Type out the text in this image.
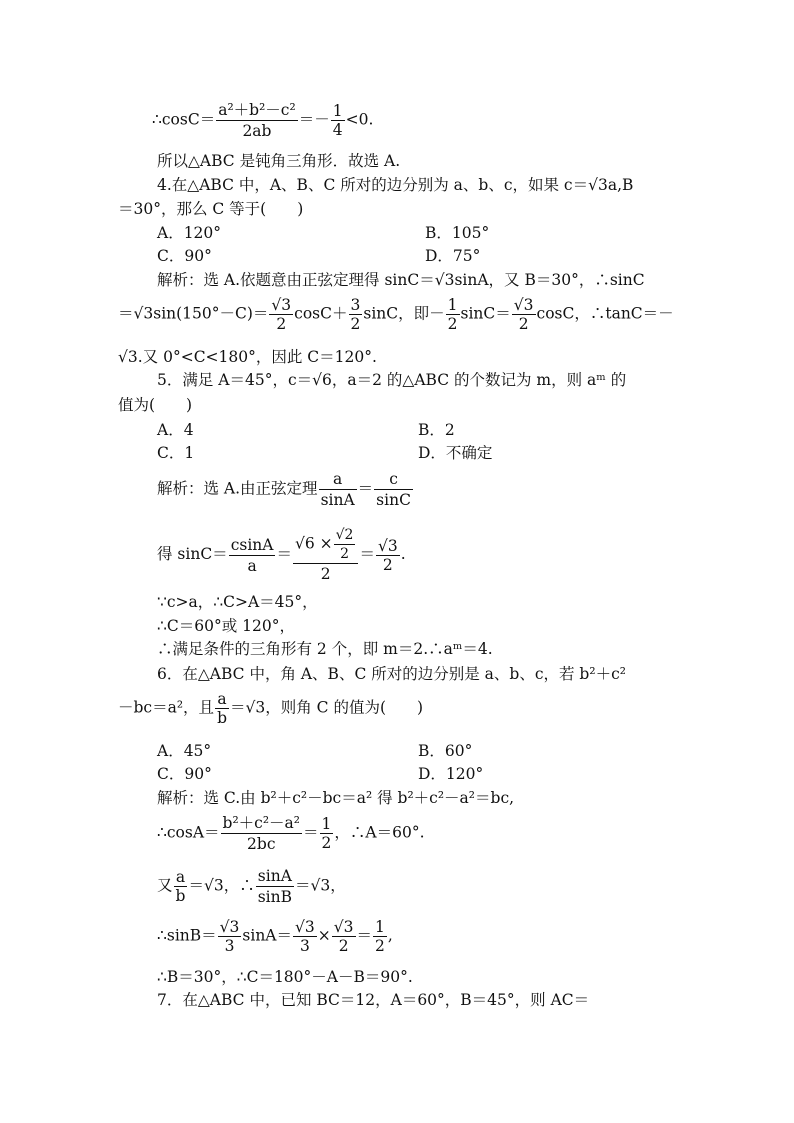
∴cosC＝ $\frac{\text{a²＋b²－c²}}{2ab} =- \frac{1}{4} <0$.
所以△ABC 是钝角三角形．故选 A.
4.在△ABC 中，A、B、C 所对的边分别为 a、b、c，如果 c＝√3a,B
＝30°，那么 C 等于(　　)
A．120°	B．105°
C．90°	D．75°
解析：选 A.依题意由正弦定理得 sinC＝√3sinA，又 B＝30°，∴sinC
$=√3\sin(150^\circ-C)= \frac{√3}{2} \cos C+ \frac{3}{2}$ sinC，即－ $\frac{1}{2} \sin C= \frac{√3}{2}$ cosC，∴tanC＝－
√3.又 0°<C<180°，因此 C＝120°.
5．满足 A＝45°，c＝√6，a＝2 的△ABC 的个数记为 m，则 aᵐ 的
值为(　　)
A．4	B．2
C．1	D．不确定
解析：选 A.由正弦定理 $\frac{a}{\sin A} = \frac{c}{\sin C}$
得 $\sin C= \frac{csinA}{a} = \frac{√6 \times \frac{√2}{2}}{2} = \frac{√3}{2}$ .
∵c>a，∴C>A＝45°，
∴C＝60°或 120°，
∴满足条件的三角形有 2 个，即 m＝2.∴aᵐ＝4.
6．在△ABC 中，角 A、B、C 所对的边分别是 a、b、c，若 b²＋c²
－bc＝a²，且 $\frac{a}{b} =√3$，则角 C 的值为(　　)
A．45°	B．60°
C．90°	D．120°
解析：选 C.由 b²＋c²－bc＝a² 得 b²＋c²－a²＝bc,
∴cosA＝ $\frac{\text{b²＋c²－a²}}{2bc} = \frac{1}{2}$ ，∴A＝60°.
又 $\frac{a}{b} =√3$，∴ $\frac{\sin A}{\sin B} =√3$，
∴sinB＝ $\frac{√3}{3} \sin A= \frac{√3}{3} \times \frac{√3}{2} = \frac{1}{2}$ ,
∴B＝30°，∴C＝180°－A－B＝90°.
7．在△ABC 中，已知 BC＝12，A＝60°，B＝45°，则 AC＝
